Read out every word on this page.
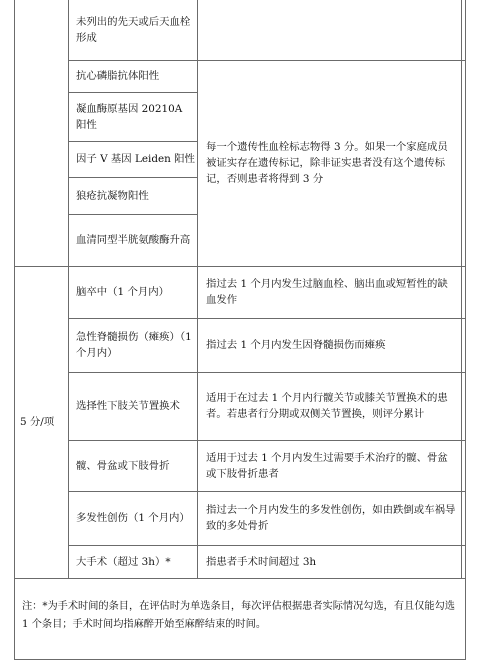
未列出的先天或后天血栓形成
抗心磷脂抗体阳性
凝血酶原基因 20210A 阳性
因子 V 基因 Leiden 阳性
狼疮抗凝物阳性
血清同型半胱氨酸酶升高
每一个遗传性血栓标志物得 3 分。如果一个家庭成员被证实存在遗传标记，除非证实患者没有这个遗传标记，否则患者将得到 3 分
5 分/项
脑卒中（1 个月内）
指过去 1 个月内发生过脑血栓、脑出血或短暂性的缺血发作
急性脊髓损伤（瘫痪）（1 个月内）
指过去 1 个月内发生因脊髓损伤而瘫痪
选择性下肢关节置换术
适用于在过去 1 个月内行髋关节或膝关节置换术的患者。若患者行分期或双侧关节置换，则评分累计
髋、骨盆或下肢骨折
适用于过去 1 个月内发生过需要手术治疗的髋、骨盆或下肢骨折患者
多发性创伤（1 个月内）
指过去一个月内发生的多发性创伤，如由跌倒或车祸导致的多处骨折
大手术（超过 3h）*	指患者手术时间超过 3h
注：*为手术时间的条目，在评估时为单选条目，每次评估根据患者实际情况勾选，有且仅能勾选 1 个条目；手术时间均指麻醉开始至麻醉结束的时间。
